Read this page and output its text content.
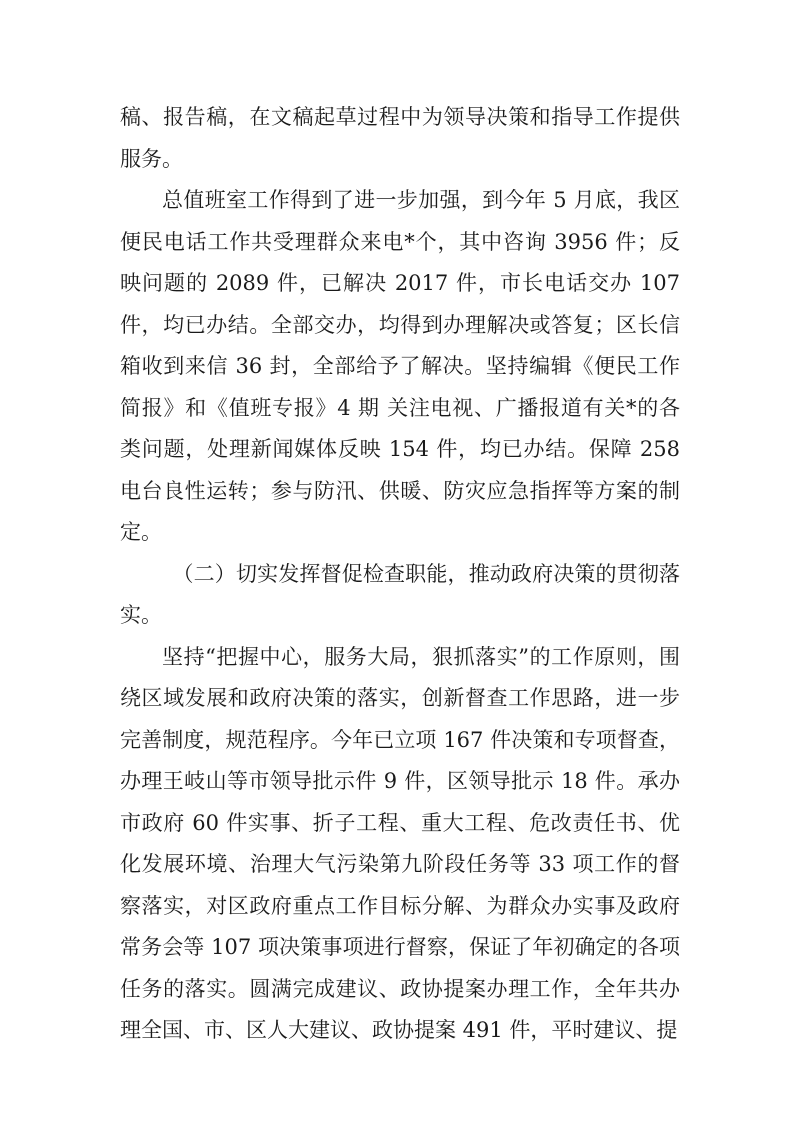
稿、报告稿，在文稿起草过程中为领导决策和指导工作提供服务。

总值班室工作得到了进一步加强，到今年 5 月底，我区便民电话工作共受理群众来电*个，其中咨询 3956 件；反映问题的 2089 件，已解决 2017 件，市长电话交办 107 件，均已办结。全部交办，均得到办理解决或答复；区长信箱收到来信 36 封，全部给予了解决。坚持编辑《便民工作简报》和《值班专报》4 期 关注电视、广播报道有关*的各类问题，处理新闻媒体反映 154 件，均已办结。保障 258 电台良性运转；参与防汛、供暖、防灾应急指挥等方案的制定。

（二）切实发挥督促检查职能，推动政府决策的贯彻落实。

坚持“把握中心，服务大局，狠抓落实”的工作原则，围绕区域发展和政府决策的落实，创新督查工作思路，进一步完善制度，规范程序。今年已立项 167 件决策和专项督查，办理王岐山等市领导批示件 9 件，区领导批示 18 件。承办市政府 60 件实事、折子工程、重大工程、危改责任书、优化发展环境、治理大气污染第九阶段任务等 33 项工作的督察落实，对区政府重点工作目标分解、为群众办实事及政府常务会等 107 项决策事项进行督察，保证了年初确定的各项任务的落实。圆满完成建议、政协提案办理工作，全年共办理全国、市、区人大建议、政协提案 491 件，平时建议、提
